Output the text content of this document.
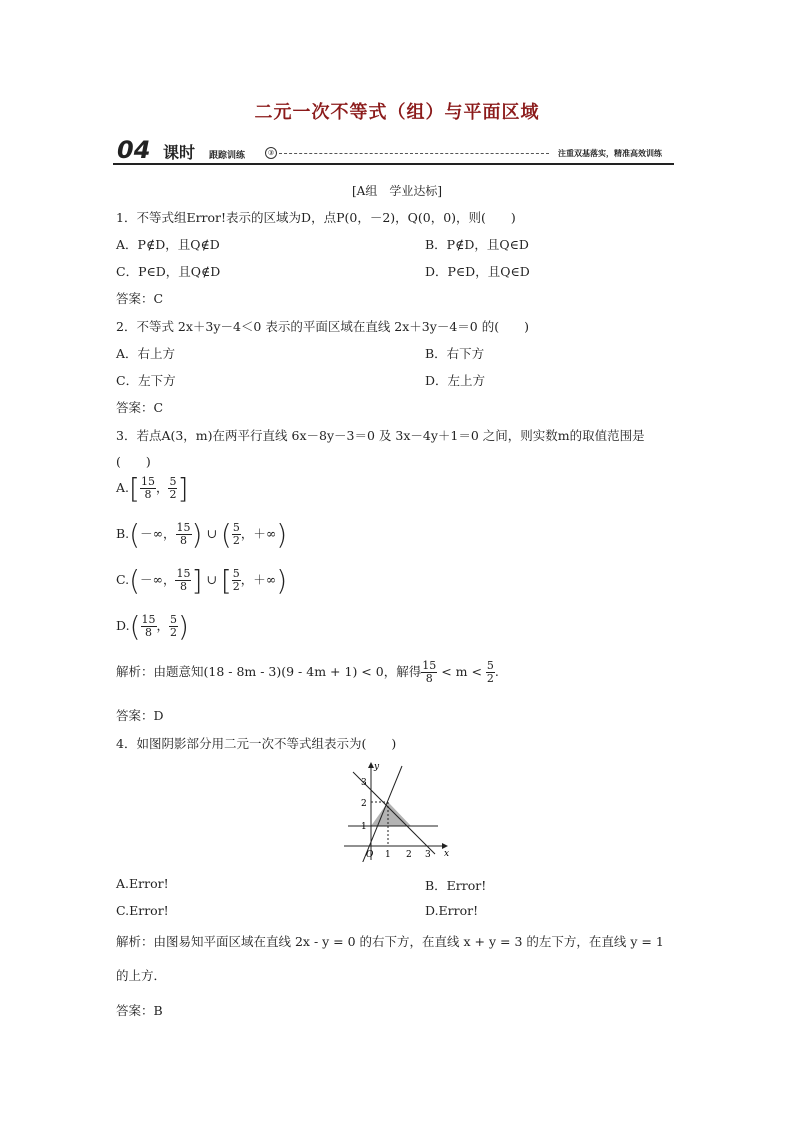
二元一次不等式（组）与平面区域
04 课时 跟踪训练	③	注重双基落实，精准高效训练
[A组　学业达标]
1．不等式组Error!表示的区域为D，点P(0，－2)，Q(0，0)，则(　　)
A．P∉D，且Q∉D	B．P∉D，且Q∈D
C．P∈D，且Q∉D	D．P∈D，且Q∈D
答案：C
2．不等式 2x＋3y－4＜0 表示的平面区域在直线 2x＋3y－4＝0 的(　　)
A．右上方	B．右下方
C．左下方	D．左上方
答案：C
3．若点A(3，m)在两平行直线 6x－8y－3＝0 及 3x－4y＋1＝0 之间，则实数m的取值范围是
(　　)
$A.[ \frac{15}{8}$ ， $\frac{5}{2}$ ]
B.(－∞， $\frac{15}{8}$ ) ∪ ( $\frac{5}{2}$ ，＋∞)
C.(－∞， $\frac{15}{8}$ ] ∪ [ $\frac{5}{2}$ ，＋∞)
$D.( \frac{15}{8}$ ， $\frac{5}{2}$ )
解析：由题意知(18 - 8m - 3)(9 - 4m + 1) < 0，解得 $\frac{15}{8} < m < \frac{5}{2}$ .
答案：D
4．如图阴影部分用二元一次不等式组表示为(　　)
y
x
O
3
2
1
1 2 3
A.Error!	B．Error!
C.Error!	D.Error!
解析：由图易知平面区域在直线 2x - y = 0 的右下方，在直线 x + y = 3 的左下方，在直线 y = 1
的上方．
答案：B
